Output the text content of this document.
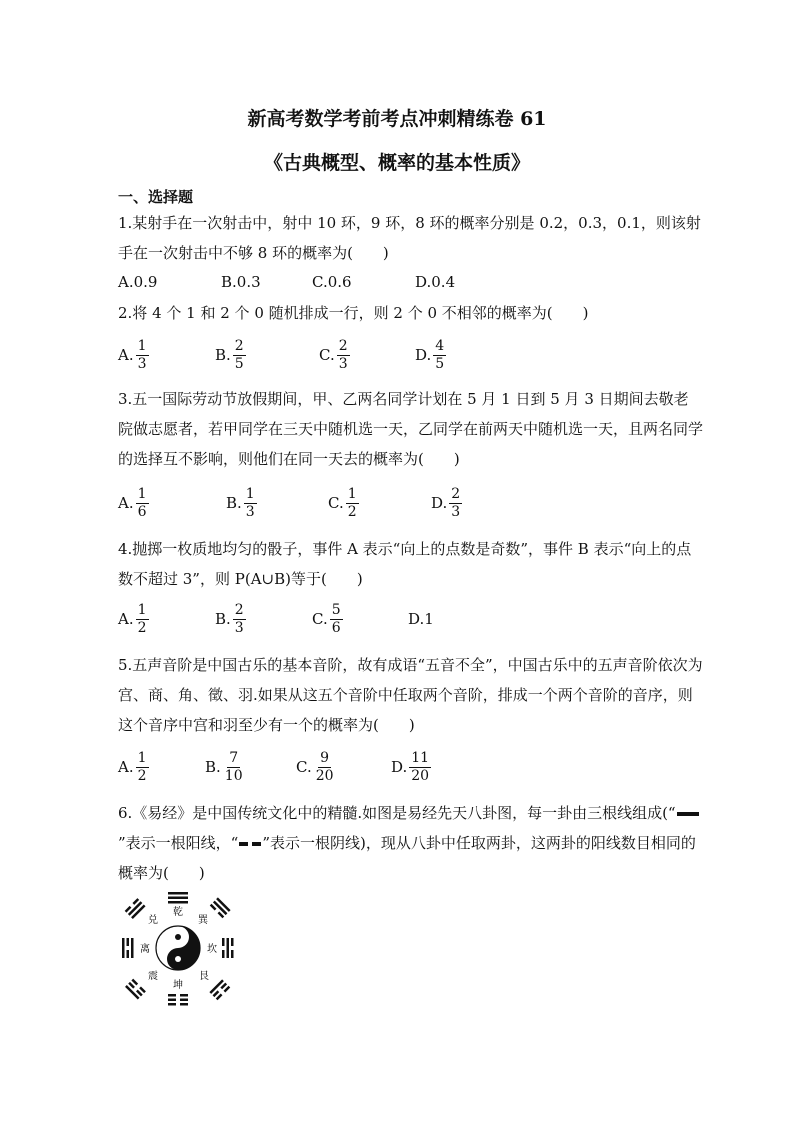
新高考数学考前考点冲刺精练卷 61
《古典概型、概率的基本性质》
一、选择题
1.某射手在一次射击中，射中 10 环，9 环，8 环的概率分别是 0.2，0.3，0.1，则该射手在一次射击中不够 8 环的概率为(　　)
A.0.9	B.0.3	C.0.6	D.0.4
2.将 4 个 1 和 2 个 0 随机排成一行，则 2 个 0 不相邻的概率为(　　)
A. $\frac{1}{3}$	B. $\frac{2}{5}$	C. $\frac{2}{3}$	D. $\frac{4}{5}$
3.五一国际劳动节放假期间，甲、乙两名同学计划在 5 月 1 日到 5 月 3 日期间去敬老院做志愿者，若甲同学在三天中随机选一天，乙同学在前两天中随机选一天，且两名同学的选择互不影响，则他们在同一天去的概率为(　　)
A. $\frac{1}{6}$	B. $\frac{1}{3}$	C. $\frac{1}{2}$	D. $\frac{2}{3}$
4.抛掷一枚质地均匀的骰子，事件 A 表示“向上的点数是奇数”，事件 B 表示“向上的点数不超过 3”，则 P(A∪B)等于(　　)
A. $\frac{1}{2}$	B. $\frac{2}{3}$	C. $\frac{5}{6}$	D.1
5.五声音阶是中国古乐的基本音阶，故有成语“五音不全”，中国古乐中的五声音阶依次为宫、商、角、徵、羽.如果从这五个音阶中任取两个音阶，排成一个两个音阶的音序，则这个音序中宫和羽至少有一个的概率为(　　)
A. $\frac{1}{2}$	B. $\frac{7}{10}$	C. $\frac{9}{20}$	D. $\frac{11}{20}$
6.《易经》是中国传统文化中的精髓.如图是易经先天八卦图，每一卦由三根线组成(“”表示一根阳线，“ ”表示一根阴线)，现从八卦中任取两卦，这两卦的阳线数目相同的概率为(　　)
乾
巽
坎
艮
坤
震
离
兑
